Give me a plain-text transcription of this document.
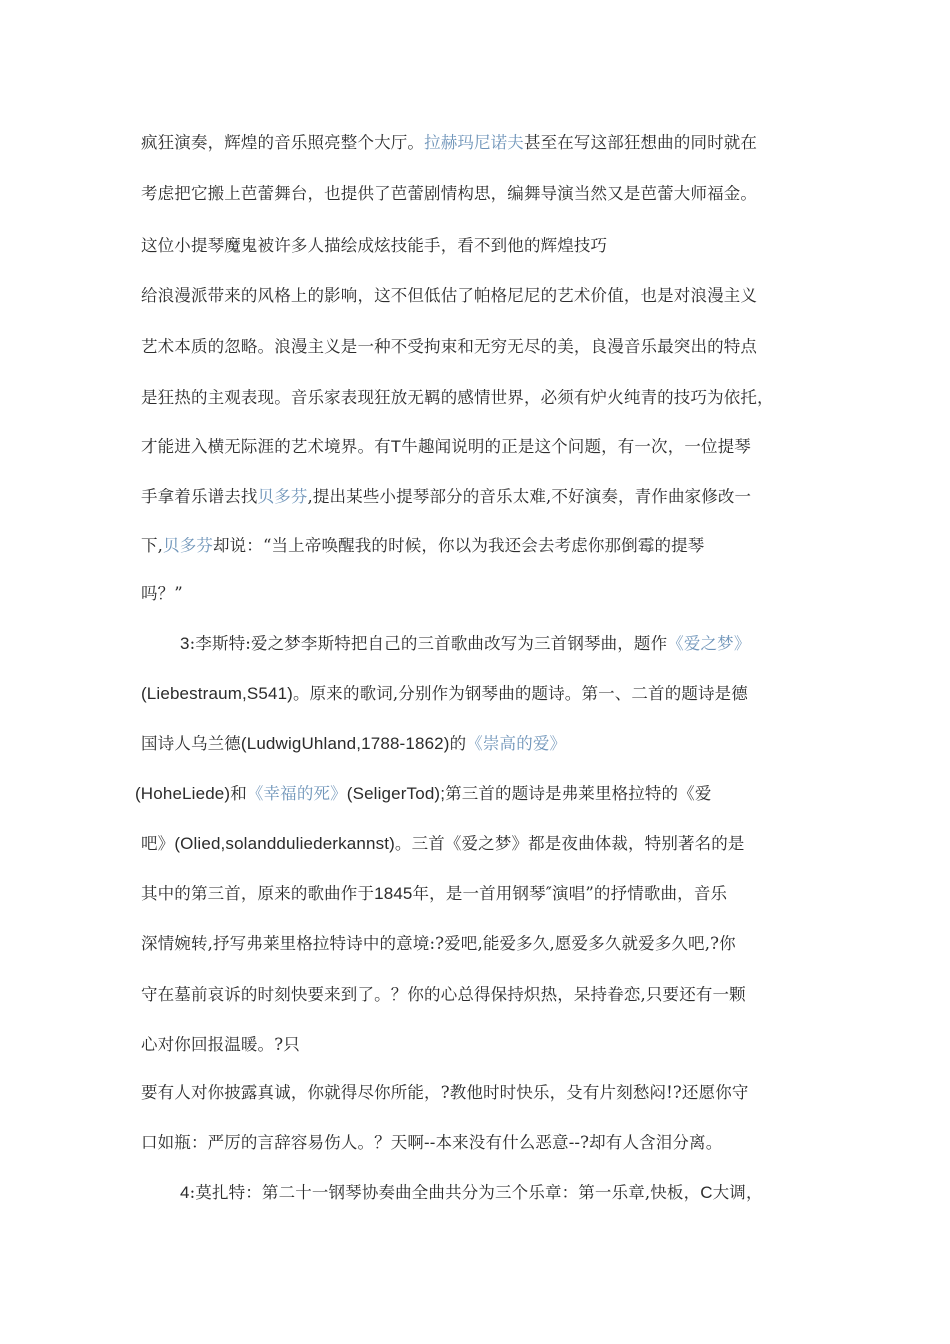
疯狂演奏，辉煌的音乐照亮整个大厅。拉赫玛尼诺夫甚至在写这部狂想曲的同时就在
考虑把它搬上芭蕾舞台，也提供了芭蕾剧情构思，编舞导演当然又是芭蕾大师福金。
这位小提琴魔鬼被许多人描绘成炫技能手，看不到他的辉煌技巧
给浪漫派带来的风格上的影响，这不但低估了帕格尼尼的艺术价值，也是对浪漫主义
艺术本质的忽略。浪漫主义是一种不受拘束和无穷无尽的美，良漫音乐最突出的特点
是狂热的主观表现。音乐家表现狂放无羁的感情世界，必须有炉火纯青的技巧为依托，
才能进入横无际涯的艺术境界。有T牛趣闻说明的正是这个问题，有一次，一位提琴
手拿着乐谱去找贝多芬,提出某些小提琴部分的音乐太难,不好演奏，青作曲家修改一
下,贝多芬却说：“当上帝唤醒我的时候，你以为我还会去考虑你那倒霉的提琴
吗？”
3:李斯特:爱之梦李斯特把自己的三首歌曲改写为三首钢琴曲，题作《爱之梦》
(Liebestraum,S541)。原来的歌词,分别作为钢琴曲的题诗。第一、二首的题诗是德
国诗人乌兰德(LudwigUhland,1788-1862)的《崇高的爱》
(HoheLiede)和《幸福的死》(SeligerTod);第三首的题诗是弗莱里格拉特的《爱
吧》(Olied,solandduliederkannst)。三首《爱之梦》都是夜曲体裁，特别著名的是
其中的第三首，原来的歌曲作于1845年，是一首用钢琴″演唱”的抒情歌曲，音乐
深情婉转,抒写弗莱里格拉特诗中的意境:?爱吧,能爱多久,愿爱多久就爱多久吧,?你
守在墓前哀诉的时刻快要来到了。？你的心总得保持炽热，呆持眷恋,只要还有一颗
心对你回报温暖。?只
要有人对你披露真诚，你就得尽你所能，?教他时时快乐，殳有片刻愁闷!?还愿你守
口如瓶：严厉的言辞容易伤人。？天啊--本来没有什么恶意--?却有人含泪分离。
4:莫扎特：第二十一钢琴协奏曲全曲共分为三个乐章：第一乐章,快板，C大调，
